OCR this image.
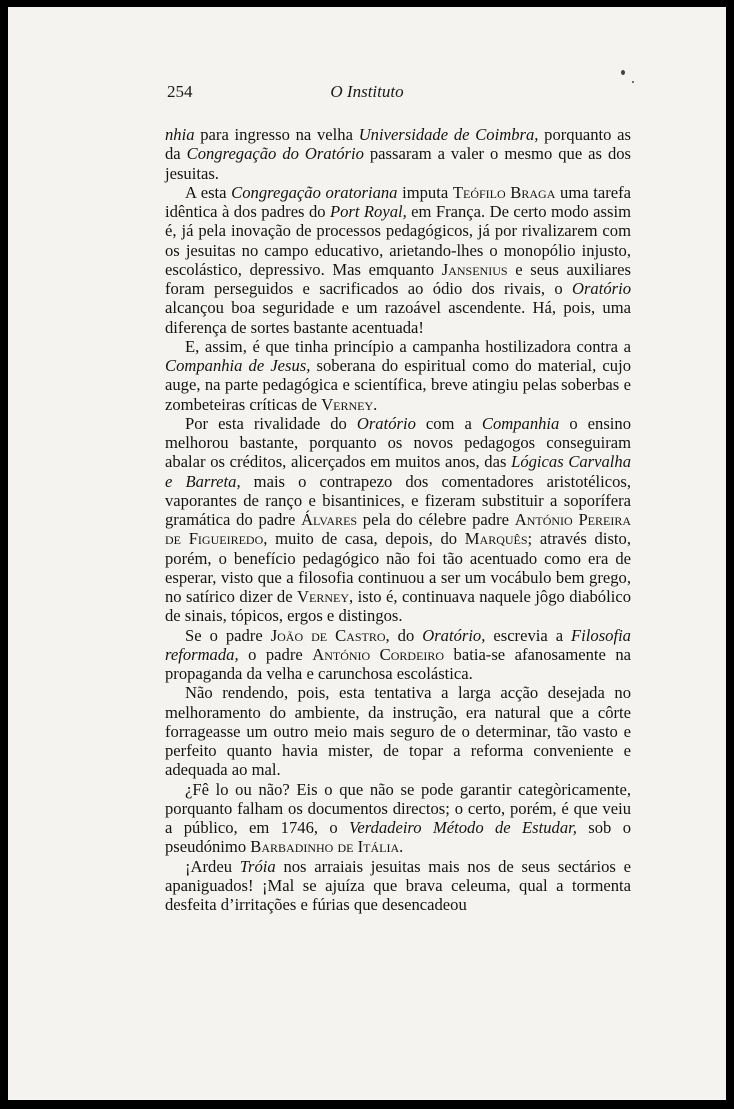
254	O Instituto

nhia para ingresso na velha Universidade de Coimbra, porquanto as da Congregação do Oratório passaram a valer o mesmo que as dos jesuitas.

A esta Congregação oratoriana imputa Teófilo Braga uma tarefa idêntica à dos padres do Port Royal, em França. De certo modo assim é, já pela inovação de processos pedagógicos, já por rivalizarem com os jesuitas no campo educativo, arietando-lhes o monopólio injusto, escolástico, depressivo. Mas emquanto Jansenius e seus auxiliares foram perseguidos e sacrificados ao ódio dos rivais, o Oratório alcançou boa seguridade e um razoável ascendente. Há, pois, uma diferença de sortes bastante acentuada!

E, assim, é que tinha princípio a campanha hostilizadora contra a Companhia de Jesus, soberana do espiritual como do material, cujo auge, na parte pedagógica e scientífica, breve atingiu pelas soberbas e zombeteiras críticas de Verney.

Por esta rivalidade do Oratório com a Companhia o ensino melhorou bastante, porquanto os novos pedagogos conseguiram abalar os créditos, alicerçados em muitos anos, das Lógicas Carvalha e Barreta, mais o contrapezo dos comentadores aristotélicos, vaporantes de ranço e bisantinices, e fizeram substituir a soporífera gramática do padre Álvares pela do célebre padre António Pereira de Figueiredo, muito de casa, depois, do Marquês; através disto, porém, o benefício pedagógico não foi tão acentuado como era de esperar, visto que a filosofia continuou a ser um vocábulo bem grego, no satírico dizer de Verney, isto é, continuava naquele jôgo diabólico de sinais, tópicos, ergos e distingos.

Se o padre João de Castro, do Oratório, escrevia a Filosofia reformada, o padre António Cordeiro batia-se afanosamente na propaganda da velha e carunchosa escolástica.

Não rendendo, pois, esta tentativa a larga acção desejada no melhoramento do ambiente, da instrução, era natural que a côrte forrageasse um outro meio mais seguro de o determinar, tão vasto e perfeito quanto havia mister, de topar a reforma conveniente e adequada ao mal.

¿Fê lo ou não? Eis o que não se pode garantir categòricamente, porquanto falham os documentos directos; o certo, porém, é que veiu a público, em 1746, o Verdadeiro Método de Estudar, sob o pseudónimo Barbadinho de Itália.

¡Ardeu Tróia nos arraiais jesuitas mais nos de seus sectários e apaniguados! ¡Mal se ajuíza que brava celeuma, qual a tormenta desfeita d’irritações e fúrias que desencadeou
